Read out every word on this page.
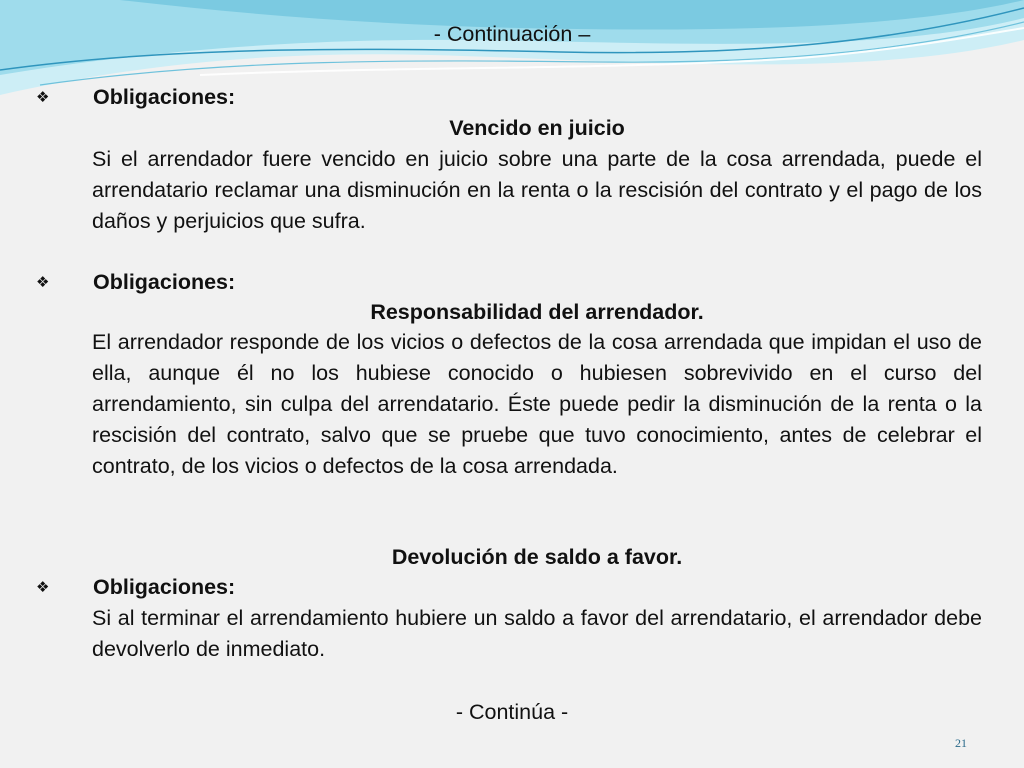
- Continuación –
❖	Obligaciones:
Vencido en juicio
Si el arrendador fuere vencido en juicio sobre una parte de la cosa arrendada, puede el arrendatario reclamar una disminución en la renta o la rescisión del contrato y el pago de los daños y perjuicios que sufra.
❖	Obligaciones:
Responsabilidad del arrendador.
El arrendador responde de los vicios o defectos de la cosa arrendada que impidan el uso de ella, aunque él no los hubiese conocido o hubiesen sobrevivido en el curso del arrendamiento, sin culpa del arrendatario. Éste puede pedir la disminución de la renta o la rescisión del contrato, salvo que se pruebe que tuvo conocimiento, antes de celebrar el contrato, de los vicios o defectos de la cosa arrendada.
Devolución de saldo a favor.
❖	Obligaciones:
Si al terminar el arrendamiento hubiere un saldo a favor del arrendatario, el arrendador debe devolverlo de inmediato.
- Continúa -
21
